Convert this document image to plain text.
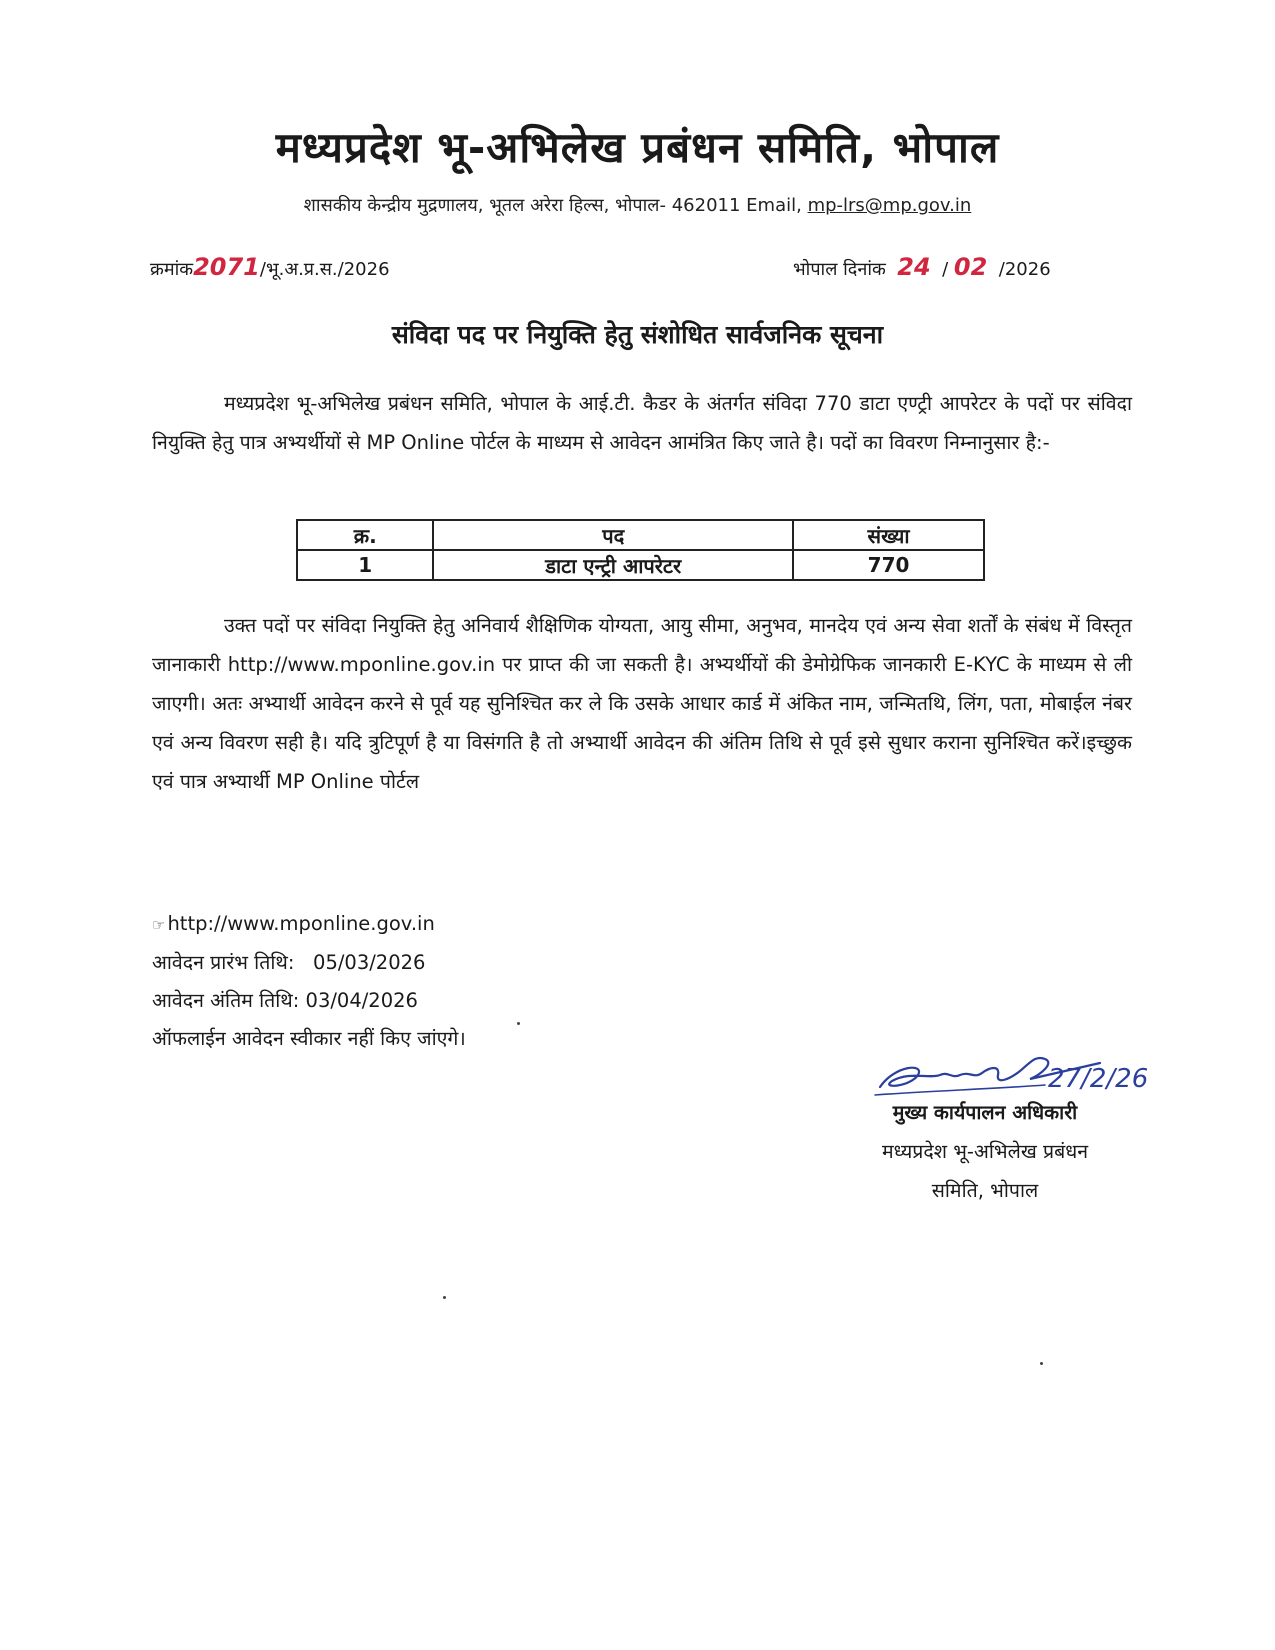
मध्यप्रदेश भू-अभिलेख प्रबंधन समिति, भोपाल
शासकीय केन्द्रीय मुद्रणालय, भूतल अरेरा हिल्स, भोपाल- 462011 Email, mp-lrs@mp.gov.in
क्रमांक2071/भू.अ.प्र.स./2026	भोपाल दिनांक 24  / 02 /2026
संविदा पद पर नियुक्ति हेतु संशोधित सार्वजनिक सूचना

मध्यप्रदेश भू-अभिलेख प्रबंधन समिति, भोपाल के आई.टी. कैडर के अंतर्गत संविदा 770 डाटा एण्ट्री आपरेटर के पदों पर संविदा नियुक्ति हेतु पात्र अभ्यर्थीयों से MP Online पोर्टल के माध्यम से आवेदन आमंत्रित किए जाते है। पदों का विवरण निम्नानुसार है:-

क्र.	पद	संख्या
1	डाटा एन्ट्री आपरेटर	770

उक्त पदों पर संविदा नियुक्ति हेतु अनिवार्य शैक्षिणिक योग्यता, आयु सीमा, अनुभव, मानदेय एवं अन्य सेवा शर्तों के संबंध में विस्तृत जानाकारी http://www.mponline.gov.in पर प्राप्त की जा सकती है। अभ्यर्थीयों की डेमोग्रेफिक जानकारी E-KYC के माध्यम से ली जाएगी। अतः अभ्यार्थी आवेदन करने से पूर्व यह सुनिश्चित कर ले कि उसके आधार कार्ड में अंकित नाम, जन्मितथि, लिंग, पता, मोबाईल नंबर एवं अन्य विवरण सही है। यदि त्रुटिपूर्ण है या विसंगति है तो अभ्यार्थी आवेदन की अंतिम तिथि से पूर्व इसे सुधार कराना सुनिश्चित करें।इच्छुक एवं पात्र अभ्यार्थी MP Online पोर्टल

☞ http://www.mponline.gov.in
आवेदन प्रारंभ तिथि: 05/03/2026
आवेदन अंतिम तिथि: 03/04/2026
ऑफलाईन आवेदन स्वीकार नहीं किए जांएगे।
27/2/26
मुख्य कार्यपालन अधिकारी
मध्यप्रदेश भू-अभिलेख प्रबंधन
समिति, भोपाल
